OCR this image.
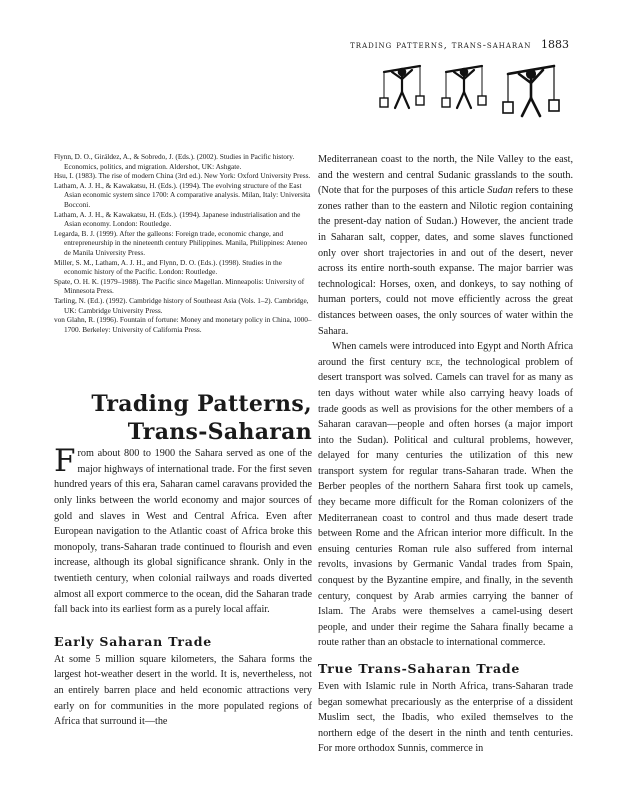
trading patterns, trans-saharan 1883
Flynn, D. O., Giráldez, A., & Sobredo, J. (Eds.). (2002). Studies in Pacific history. Economics, politics, and migration. Aldershot, UK: Ashgate.
Hsu, I. (1983). The rise of modern China (3rd ed.). New York: Oxford University Press.
Latham, A. J. H., & Kawakatsu, H. (Eds.). (1994). The evolving structure of the East Asian economic system since 1700: A comparative analysis. Milan, Italy: Universita Bocconi.
Latham, A. J. H., & Kawakatsu, H. (Eds.). (1994). Japanese industrialisation and the Asian economy. London: Routledge.
Legarda, B. J. (1999). After the galleons: Foreign trade, economic change, and entrepreneurship in the nineteenth century Philippines. Manila, Philippines: Ateneo de Manila University Press.
Miller, S. M., Latham, A. J. H., and Flynn, D. O. (Eds.). (1998). Studies in the economic history of the Pacific. London: Routledge.
Spate, O. H. K. (1979–1988). The Pacific since Magellan. Minneapolis: University of Minnesota Press.
Tarling, N. (Ed.). (1992). Cambridge history of Southeast Asia (Vols. 1–2). Cambridge, UK: Cambridge University Press.
von Glahn, R. (1996). Fountain of fortune: Money and monetary policy in China, 1000–1700. Berkeley: University of California Press.
Trading Patterns,
Trans-Saharan

From about 800 to 1900 the Sahara served as one of the major highways of international trade. For the first seven hundred years of this era, Saharan camel caravans provided the only links between the world economy and major sources of gold and slaves in West and Central Africa. Even after European navigation to the Atlantic coast of Africa broke this monopoly, trans-Saharan trade continued to flourish and even increase, although its global significance shrank. Only in the twentieth century, when colonial railways and roads diverted almost all export commerce to the ocean, did the Saharan trade fall back into its earliest form as a purely local affair.

Early Saharan Trade

At some 5 million square kilometers, the Sahara forms the largest hot-weather desert in the world. It is, nevertheless, not an entirely barren place and held economic attractions very early on for communities in the more populated regions of Africa that surround it—the

Mediterranean coast to the north, the Nile Valley to the east, and the western and central Sudanic grasslands to the south. (Note that for the purposes of this article Sudan refers to these zones rather than to the eastern and Nilotic region containing the present-day nation of Sudan.) However, the ancient trade in Saharan salt, copper, dates, and some slaves functioned only over short trajectories in and out of the desert, never across its entire north-south expanse. The major barrier was technological: Horses, oxen, and donkeys, to say nothing of human porters, could not move efficiently across the great distances between oases, the only sources of water within the Sahara.

When camels were introduced into Egypt and North Africa around the first century bce, the technological problem of desert transport was solved. Camels can travel for as many as ten days without water while also carrying heavy loads of trade goods as well as provisions for the other members of a Saharan caravan—people and often horses (a major import into the Sudan). Political and cultural problems, however, delayed for many centuries the utilization of this new transport system for regular trans-Saharan trade. When the Berber peoples of the northern Sahara first took up camels, they became more difficult for the Roman colonizers of the Mediterranean coast to control and thus made desert trade between Rome and the African interior more difficult. In the ensuing centuries Roman rule also suffered from internal revolts, invasions by Germanic Vandal trades from Spain, conquest by the Byzantine empire, and finally, in the seventh century, conquest by Arab armies carrying the banner of Islam. The Arabs were themselves a camel-using desert people, and under their regime the Sahara finally became a route rather than an obstacle to international commerce.

True Trans-Saharan Trade

Even with Islamic rule in North Africa, trans-Saharan trade began somewhat precariously as the enterprise of a dissident Muslim sect, the Ibadis, who exiled themselves to the northern edge of the desert in the ninth and tenth centuries. For more orthodox Sunnis, commerce in
